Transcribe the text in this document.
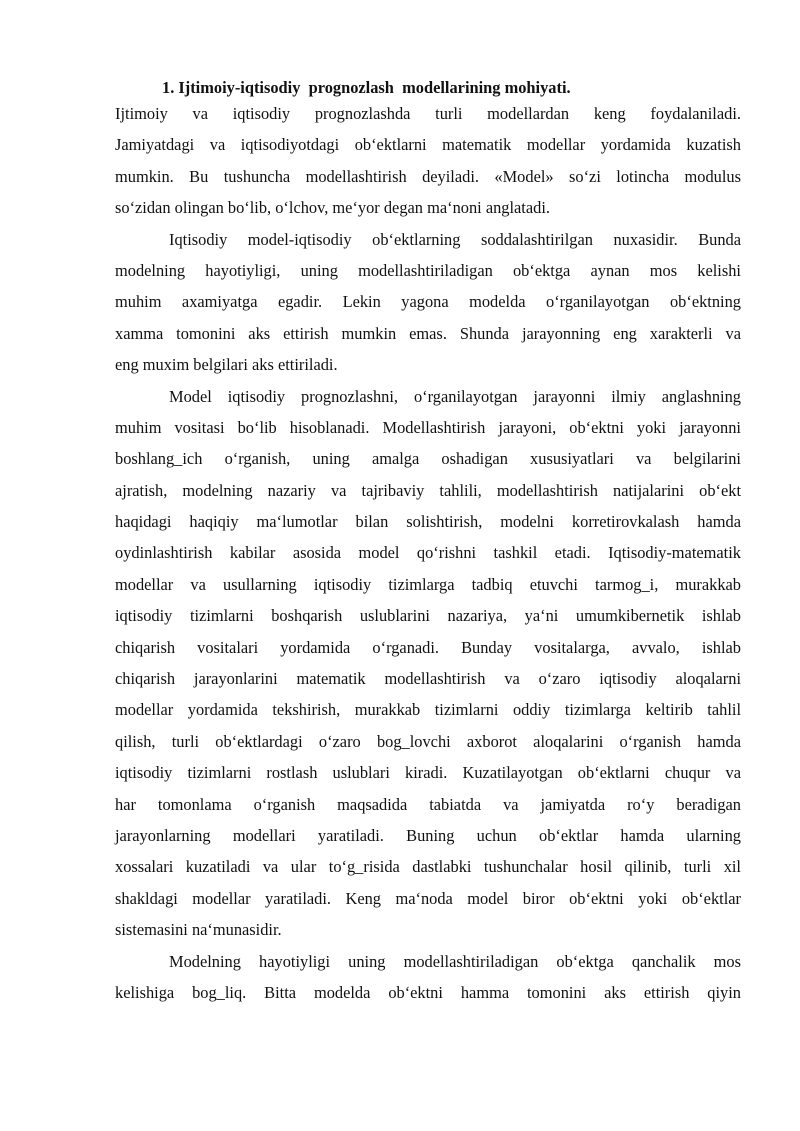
1. Ijtimoiy-iqtisodiy  prognozlash  modellarining mohiyati.
Ijtimoiy va iqtisodiy prognozlashda turli modellardan keng foydalaniladi.
Jamiyatdagi va iqtisodiyotdagi ob‘ektlarni matematik modellar yordamida kuzatish
mumkin. Bu tushuncha modellashtirish deyiladi. «Model» so‘zi lotincha modulus
so‘zidan olingan bo‘lib, o‘lchov, me‘yor degan ma‘noni anglatadi.
Iqtisodiy model-iqtisodiy ob‘ektlarning soddalashtirilgan nuxasidir. Bunda
modelning hayotiyligi, uning modellashtiriladigan ob‘ektga aynan mos kelishi
muhim axamiyatga egadir. Lekin yagona modelda o‘rganilayotgan ob‘ektning
xamma tomonini aks ettirish mumkin emas. Shunda jarayonning eng xarakterli va
eng muxim belgilari aks ettiriladi.
Model iqtisodiy prognozlashni, o‘rganilayotgan jarayonni ilmiy anglashning
muhim vositasi bo‘lib hisoblanadi. Modellashtirish jarayoni, ob‘ektni yoki jarayonni
boshlang_ich o‘rganish, uning amalga oshadigan xususiyatlari va belgilarini
ajratish, modelning nazariy va tajribaviy tahlili, modellashtirish natijalarini ob‘ekt
haqidagi haqiqiy ma‘lumotlar bilan solishtirish, modelni korretirovkalash hamda
oydinlashtirish kabilar asosida model qo‘rishni tashkil etadi. Iqtisodiy-matematik
modellar va usullarning iqtisodiy tizimlarga tadbiq etuvchi tarmog_i, murakkab
iqtisodiy tizimlarni boshqarish uslublarini nazariya, ya‘ni umumkibernetik ishlab
chiqarish vositalari yordamida o‘rganadi. Bunday vositalarga, avvalo, ishlab
chiqarish jarayonlarini matematik modellashtirish va o‘zaro iqtisodiy aloqalarni
modellar yordamida tekshirish, murakkab tizimlarni oddiy tizimlarga keltirib tahlil
qilish, turli ob‘ektlardagi o‘zaro bog_lovchi axborot aloqalarini o‘rganish hamda
iqtisodiy tizimlarni rostlash uslublari kiradi. Kuzatilayotgan ob‘ektlarni chuqur va
har tomonlama o‘rganish maqsadida tabiatda va jamiyatda ro‘y beradigan
jarayonlarning modellari yaratiladi. Buning uchun ob‘ektlar hamda ularning
xossalari kuzatiladi va ular to‘g_risida dastlabki tushunchalar hosil qilinib, turli xil
shakldagi modellar yaratiladi. Keng ma‘noda model biror ob‘ektni yoki ob‘ektlar
sistemasini na‘munasidir.
Modelning hayotiyligi uning modellashtiriladigan ob‘ektga qanchalik mos
kelishiga bog_liq. Bitta modelda ob‘ektni hamma tomonini aks ettirish qiyin
